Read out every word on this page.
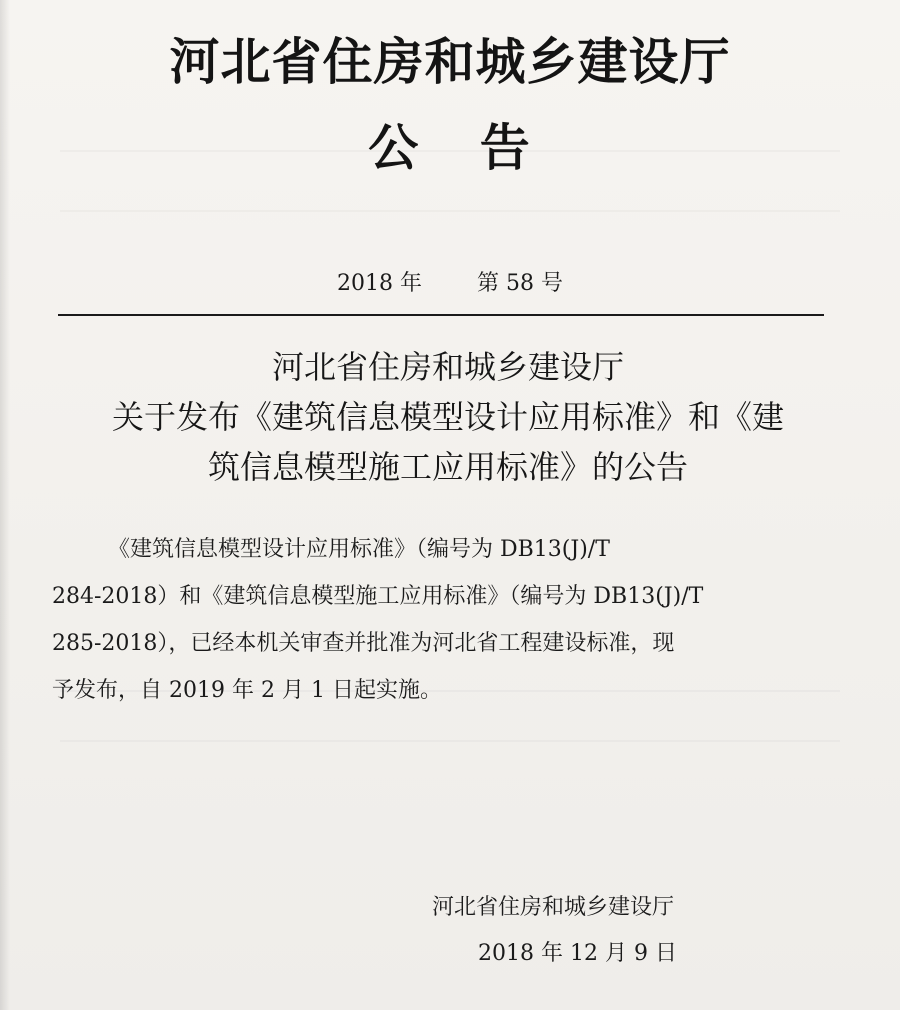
河北省住房和城乡建设厅
公 告
2018 年	第 58 号
河北省住房和城乡建设厅
关于发布《建筑信息模型设计应用标准》和《建
筑信息模型施工应用标准》的公告
《建筑信息模型设计应用标准》（编号为 DB13(J)/T
284-2018）和《建筑信息模型施工应用标准》（编号为 DB13(J)/T
285-2018），已经本机关审查并批准为河北省工程建设标准，现
予发布，自 2019 年 2 月 1 日起实施。
河北省住房和城乡建设厅
2018 年 12 月 9 日
